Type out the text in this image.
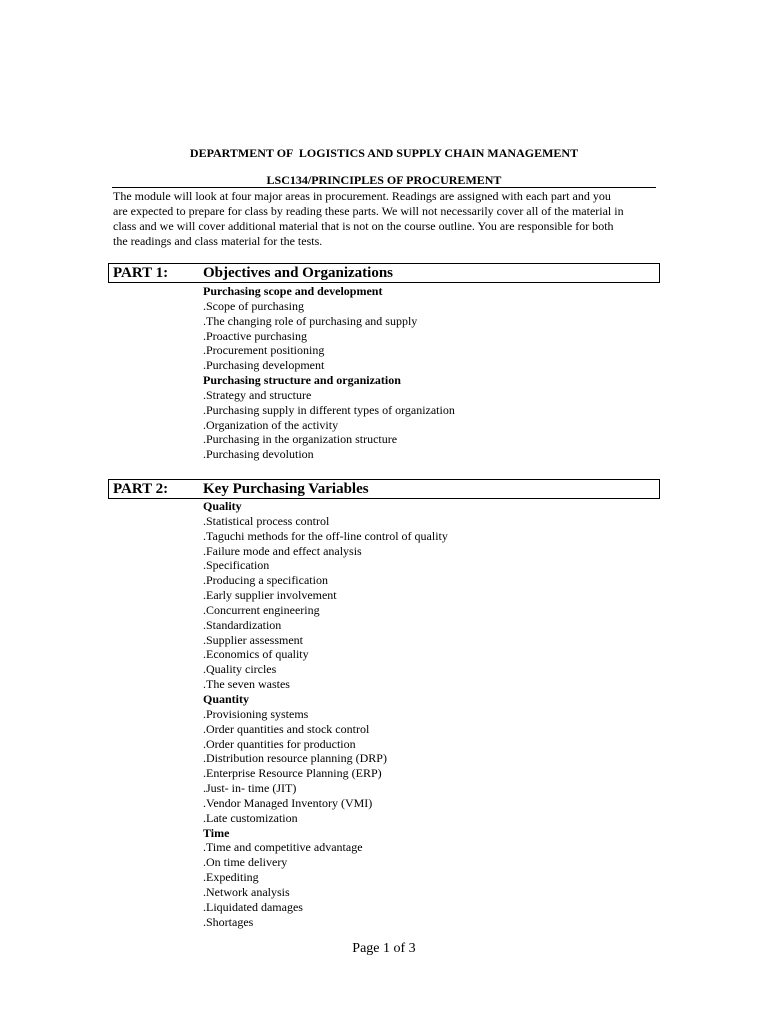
DEPARTMENT OF  LOGISTICS AND SUPPLY CHAIN MANAGEMENT
LSC134/PRINCIPLES OF PROCUREMENT

The module will look at four major areas in procurement. Readings are assigned with each part and you

are expected to prepare for class by reading these parts. We will not necessarily cover all of the material in

class and we will cover additional material that is not on the course outline. You are responsible for both

the readings and class material for the tests.

PART 1: Objectives and Organizations
Purchasing scope and development
.Scope of purchasing
.The changing role of purchasing and supply
.Proactive purchasing
.Procurement positioning
.Purchasing development
Purchasing structure and organization
.Strategy and structure
.Purchasing supply in different types of organization
.Organization of the activity
.Purchasing in the organization structure
.Purchasing devolution
PART 2: Key Purchasing Variables
Quality
.Statistical process control
.Taguchi methods for the off-line control of quality
.Failure mode and effect analysis
.Specification
.Producing a specification
.Early supplier involvement
.Concurrent engineering
.Standardization
.Supplier assessment
.Economics of quality
.Quality circles
.The seven wastes
Quantity
.Provisioning systems
.Order quantities and stock control
.Order quantities for production
.Distribution resource planning (DRP)
.Enterprise Resource Planning (ERP)
.Just- in- time (JIT)
.Vendor Managed Inventory (VMI)
.Late customization
Time
.Time and competitive advantage
.On time delivery
.Expediting
.Network analysis
.Liquidated damages
.Shortages
Page 1 of 3
